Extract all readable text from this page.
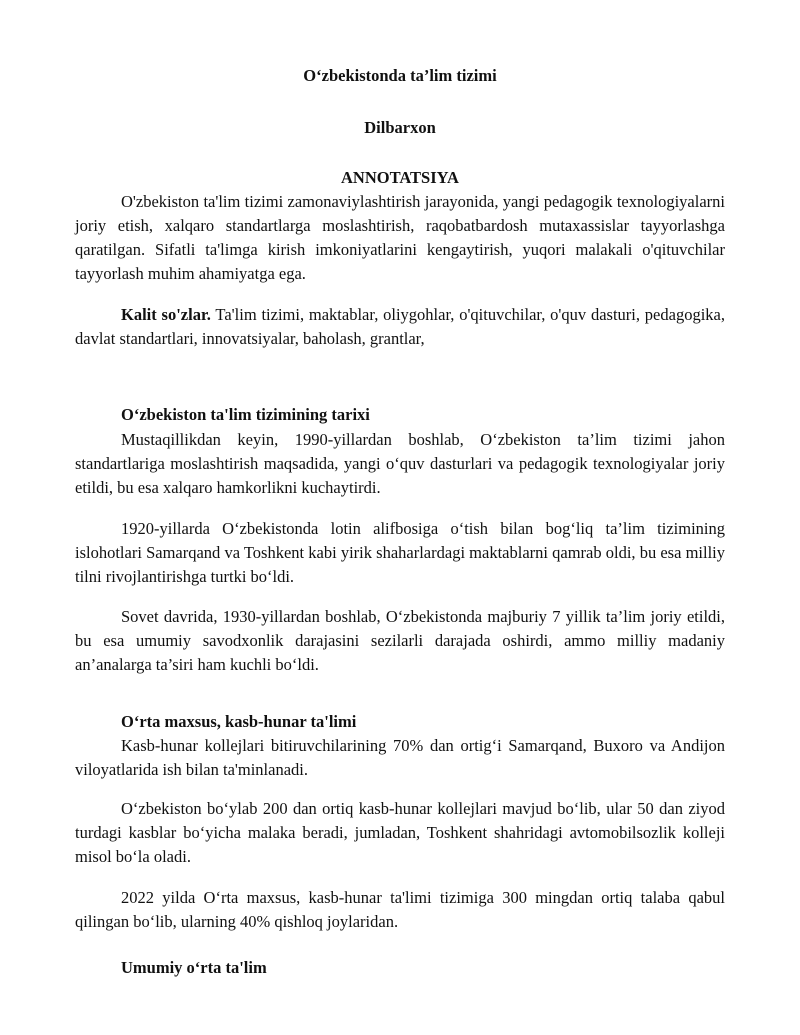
O‘zbekistonda ta’lim tizimi
Dilbarxon
ANNOTATSIYA

O'zbekiston ta'lim tizimi zamonaviylashtirish jarayonida, yangi pedagogik texnologiyalarni joriy etish, xalqaro standartlarga moslashtirish, raqobatbardosh mutaxassislar tayyorlashga qaratilgan. Sifatli ta'limga kirish imkoniyatlarini kengaytirish, yuqori malakali o'qituvchilar tayyorlash muhim ahamiyatga ega.

Kalit so'zlar. Ta'lim tizimi, maktablar, oliygohlar, o'qituvchilar, o'quv dasturi, pedagogika, davlat standartlari, innovatsiyalar, baholash, grantlar,

O‘zbekiston ta'lim tizimining tarixi

Mustaqillikdan keyin, 1990-yillardan boshlab, O‘zbekiston ta’lim tizimi jahon standartlariga moslashtirish maqsadida, yangi o‘quv dasturlari va pedagogik texnologiyalar joriy etildi, bu esa xalqaro hamkorlikni kuchaytirdi.

1920-yillarda O‘zbekistonda lotin alifbosiga o‘tish bilan bog‘liq ta’lim tizimining islohotlari Samarqand va Toshkent kabi yirik shaharlardagi maktablarni qamrab oldi, bu esa milliy tilni rivojlantirishga turtki bo‘ldi.

Sovet davrida, 1930-yillardan boshlab, O‘zbekistonda majburiy 7 yillik ta’lim joriy etildi, bu esa umumiy savodxonlik darajasini sezilarli darajada oshirdi, ammo milliy madaniy an’analarga ta’siri ham kuchli bo‘ldi.

O‘rta maxsus, kasb-hunar ta'limi

Kasb-hunar kollejlari bitiruvchilarining 70% dan ortig‘i Samarqand, Buxoro va Andijon viloyatlarida ish bilan ta'minlanadi.

O‘zbekiston bo‘ylab 200 dan ortiq kasb-hunar kollejlari mavjud bo‘lib, ular 50 dan ziyod turdagi kasblar bo‘yicha malaka beradi, jumladan, Toshkent shahridagi avtomobilsozlik kolleji misol bo‘la oladi.

2022 yilda O‘rta maxsus, kasb-hunar ta'limi tizimiga 300 mingdan ortiq talaba qabul qilingan bo‘lib, ularning 40% qishloq joylaridan.

Umumiy o‘rta ta'lim
